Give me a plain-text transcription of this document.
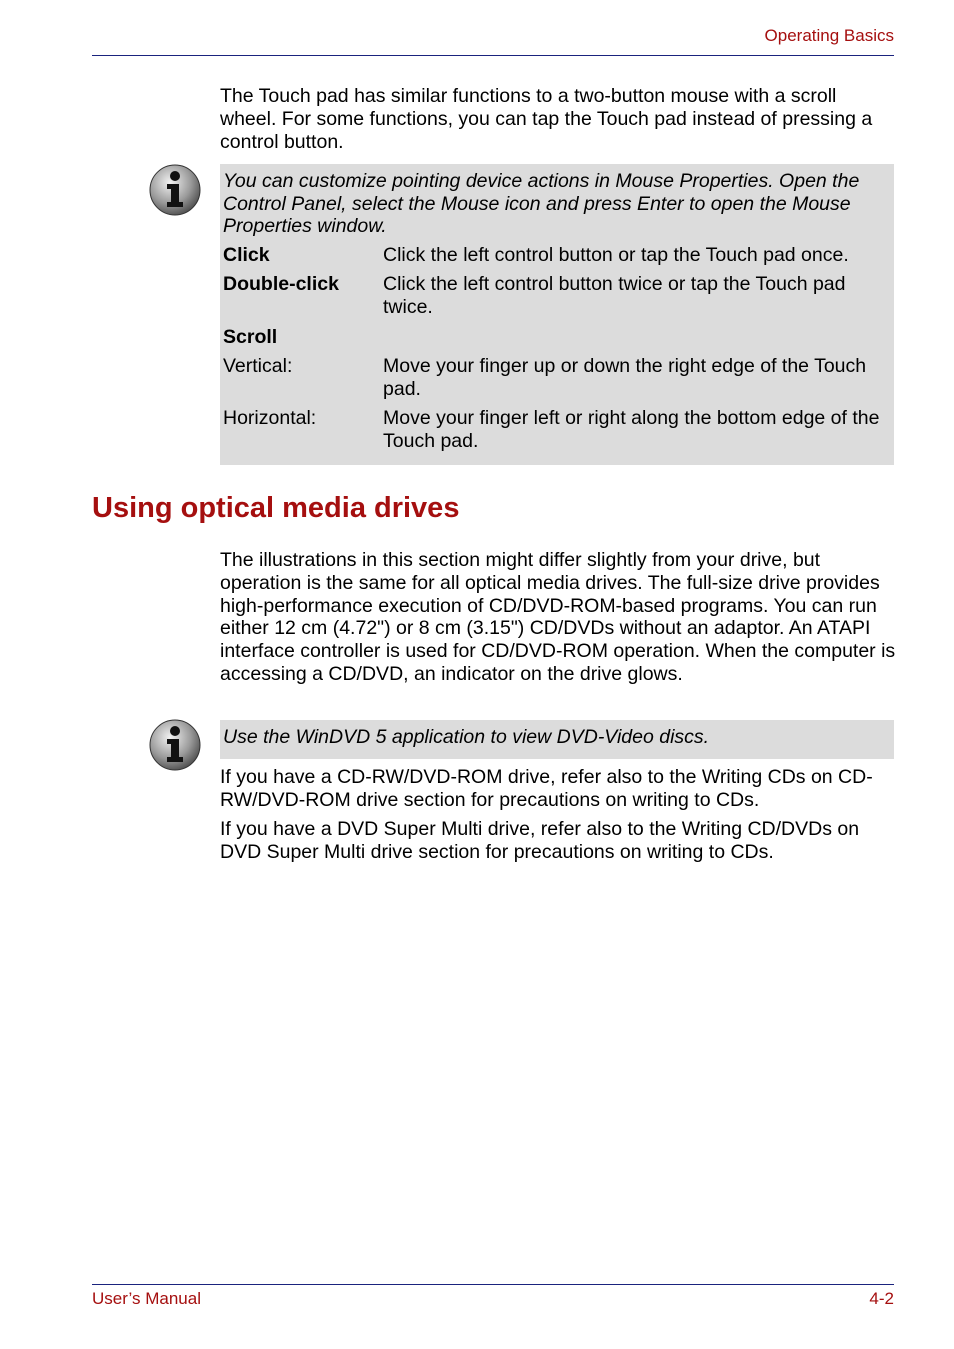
Operating Basics

The Touch pad has similar functions to a two-button mouse with a scroll wheel. For some functions, you can tap the Touch pad instead of pressing a control button.

You can customize pointing device actions in Mouse Properties. Open the Control Panel, select the Mouse icon and press Enter to open the Mouse Properties window.

Click	Click the left control button or tap the Touch pad once.
Double-click	Click the left control button twice or tap the Touch pad twice.
Scroll
Vertical:	Move your finger up or down the right edge of the Touch pad.
Horizontal:	Move your finger left or right along the bottom edge of the Touch pad.
Using optical media drives

The illustrations in this section might differ slightly from your drive, but operation is the same for all optical media drives. The full-size drive provides high-performance execution of CD/DVD-ROM-based programs. You can run either 12 cm (4.72") or 8 cm (3.15") CD/DVDs without an adaptor. An ATAPI interface controller is used for CD/DVD-ROM operation. When the computer is accessing a CD/DVD, an indicator on the drive glows.

Use the WinDVD 5 application to view DVD-Video discs.

If you have a CD-RW/DVD-ROM drive, refer also to the Writing CDs on CD-RW/DVD-ROM drive section for precautions on writing to CDs.

If you have a DVD Super Multi drive, refer also to the Writing CD/DVDs on DVD Super Multi drive section for precautions on writing to CDs.

User’s Manual	4-2
